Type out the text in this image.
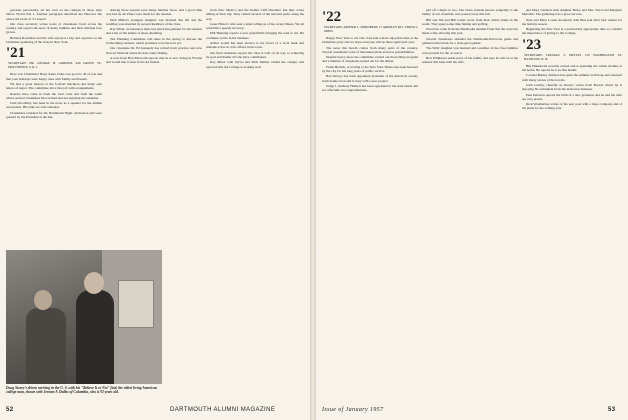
gracious personality, all her own on the campus in those days before World War I. Another paragraph described the Hanover Inn where the Class of '21 stayed.

Our class secretary writes notes of classmates from across the country and reports the news of many families and their children now grown.

Bernard Rosenthal and his wife enjoyed a trip and reported on the Christmas gathering of the class in New York.

'21 SECRETARY, DR. GEORGE H. GORDON, 429 GROVE ST., PROVIDENCE 6, R. I.

How was Christmas? Hope Santa Claus was good to all of you and that your holidays were happy ones with family and friends.

We had a great turnout at the football luncheon and many sent letters of regret. The committee did a fine job with arrangements.

Reports have come in from the west coast and from the south where several classmates have retired and are enjoying the sunshine.

John Woodbury has been in the news as a speaker for the alumni association. His talks are well attended.

Classmates returned for the Dartmouth Night celebration and were greeted by the President at the Inn.

Among those present were many familiar faces, and a good time was had by all. Plans were made for the reunion.

Dick Miller's youngest daughter was married this fall and the wedding was attended by several members of the class.

Ray Wilde, an insurance man, has given the pennant for the reunion and a list of the names of those attending.

The Planning Committee will meet in the spring to discuss the forthcoming reunion, which promises to be the best yet.

Our classmate Dr. Ed Kennedy has retired from practice and now lives in Vermont where he does some fishing.

A note from Bob Ellsworth reports that he is now living in Florida and would like to hear from old friends.

from New Mexico and the Indian Cliff Dwellers' Inn they wrote telling of their trip. They visited several of the national parks along the way.

Gene Pfister's wife sent a letter telling us of his recent illness. We all wish him a speedy recovery.

Phil Henning reports a new grandchild, bringing the total to six. He continues active in his business.

Arthur Gould has been elected to the board of a local bank and remains active in civic affairs in his town.

Our fund chairman reports the class is well on its way to achieving its goal and thanks all who have contributed.

Roy Minor with Sylvia and Dick Mather visited the campus and reported that the College is looking well.

Doug Storey's driven arriving in the U. S. with his "Believe It or Not" find, the oldest living American college man, shown with Jerome F. Dallas of Columbia, who is 92 years old.
52	DARTMOUTH ALUMNI MAGAZINE
'22 SECRETARY, ARTHUR L. HORNBERG 17 ARDSLEY RD., EDINA 5, MINN.

Happy New Year to all. Our class had a most enjoyable time at the Christmas party and we hope everyone will be there again next year.

The news this month comes from many parts of the country. Several classmates write of retirement plans and new grandchildren.

Despite heavy snow the committee carried out the holiday program and a number of classmates turned out for the dinner.

Frank Herrick, according to the New York Times, has been honored by the city for his long years of public service.

Bob Dewey has been appointed president of the historical society in his home town and is busy with a new project.

Judge J. Anthony Hudson has been appointed to the state bench and we offer him our congratulations.

ped off a night or two. The Class extends sincere sympathy to the family of our classmate who passed away this fall.

Bill and Jim and Bill Lamb wrote from their winter home in the south. They spent some time fishing and golfing.

Word has come from the Dartmouth Alumni Fund that the class has made a fine showing this year.

Several classmates attended the Dartmouth-Princeton game and gathered afterwards for a class get-together.

The Stills' daughter was married and a number of the class families were present for the occasion.

Bert Wilkinson sends news of his family and says he will be at the reunion this June with his wife.

and Mary Lindsell with daughter Betty, and Mrs. Ward and Margaret Merriam. The gathering was a great success.

Nate and Mary Louise Kronbach with Bud sent their best wishes for the holiday season.

Beginning the New Year is a particularly appropriate time to consider the importance of giving to the College.

'23 SECRETARY, TRUMAN T. METZEL 150 WASHINGTON ST. HANOVER, N. H.

Bill Hunnewell recently retired and is spending the winter months at his home. He reports he is in fine health.

Colonel Barney Jamison has spent the summer in Europe and returned with many stories of his travels.

John Leahey, cheerful as always, writes from Boston where he is enjoying his retirement from the insurance business.

Paul Peterson reports the birth of a new grandson and he and his wife are very proud.

Rick Weatherbee writes of his new post with a large company and of his plans for the coming year.

Issue of January 1957	53
